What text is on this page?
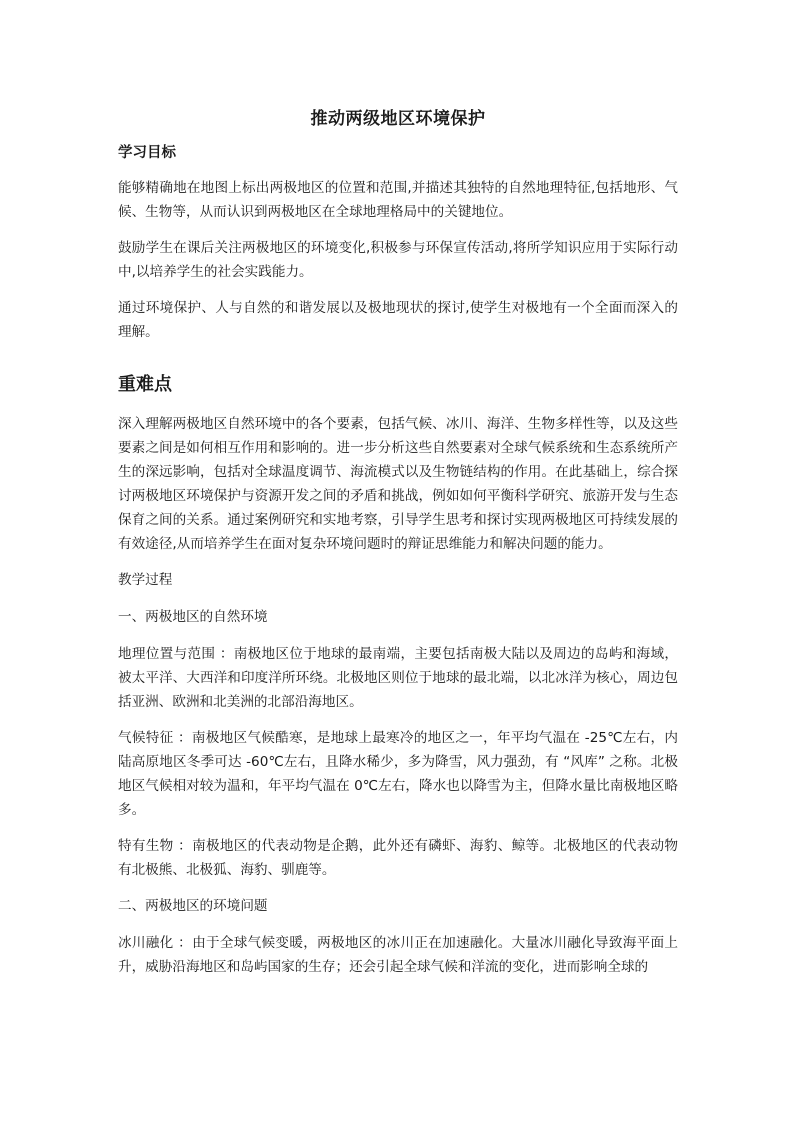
推动两级地区环境保护
学习目标

能够精确地在地图上标出两极地区的位置和范围,并描述其独特的自然地理特征,包括地形、气候、生物等，从而认识到两极地区在全球地理格局中的关键地位。

鼓励学生在课后关注两极地区的环境变化,积极参与环保宣传活动,将所学知识应用于实际行动中,以培养学生的社会实践能力。

通过环境保护、人与自然的和谐发展以及极地现状的探讨,使学生对极地有一个全面而深入的理解。

重难点

深入理解两极地区自然环境中的各个要素，包括气候、冰川、海洋、生物多样性等，以及这些要素之间是如何相互作用和影响的。进一步分析这些自然要素对全球气候系统和生态系统所产生的深远影响，包括对全球温度调节、海流模式以及生物链结构的作用。在此基础上，综合探讨两极地区环境保护与资源开发之间的矛盾和挑战，例如如何平衡科学研究、旅游开发与生态保育之间的关系。通过案例研究和实地考察，引导学生思考和探讨实现两极地区可持续发展的有效途径,从而培养学生在面对复杂环境问题时的辩证思维能力和解决问题的能力。

教学过程
一、两极地区的自然环境

地理位置与范围 ：南极地区位于地球的最南端，主要包括南极大陆以及周边的岛屿和海域，被太平洋、大西洋和印度洋所环绕。北极地区则位于地球的最北端，以北冰洋为核心，周边包括亚洲、欧洲和北美洲的北部沿海地区。

气候特征 ：南极地区气候酷寒，是地球上最寒冷的地区之一，年平均气温在 -25℃左右，内陆高原地区冬季可达 -60℃左右，且降水稀少，多为降雪，风力强劲，有 “风库” 之称。北极地区气候相对较为温和，年平均气温在 0℃左右，降水也以降雪为主，但降水量比南极地区略多。

特有生物 ：南极地区的代表动物是企鹅，此外还有磷虾、海豹、鲸等。北极地区的代表动物有北极熊、北极狐、海豹、驯鹿等。

二、两极地区的环境问题

冰川融化 ：由于全球气候变暖，两极地区的冰川正在加速融化。大量冰川融化导致海平面上升，威胁沿海地区和岛屿国家的生存；还会引起全球气候和洋流的变化，进而影响全球的
